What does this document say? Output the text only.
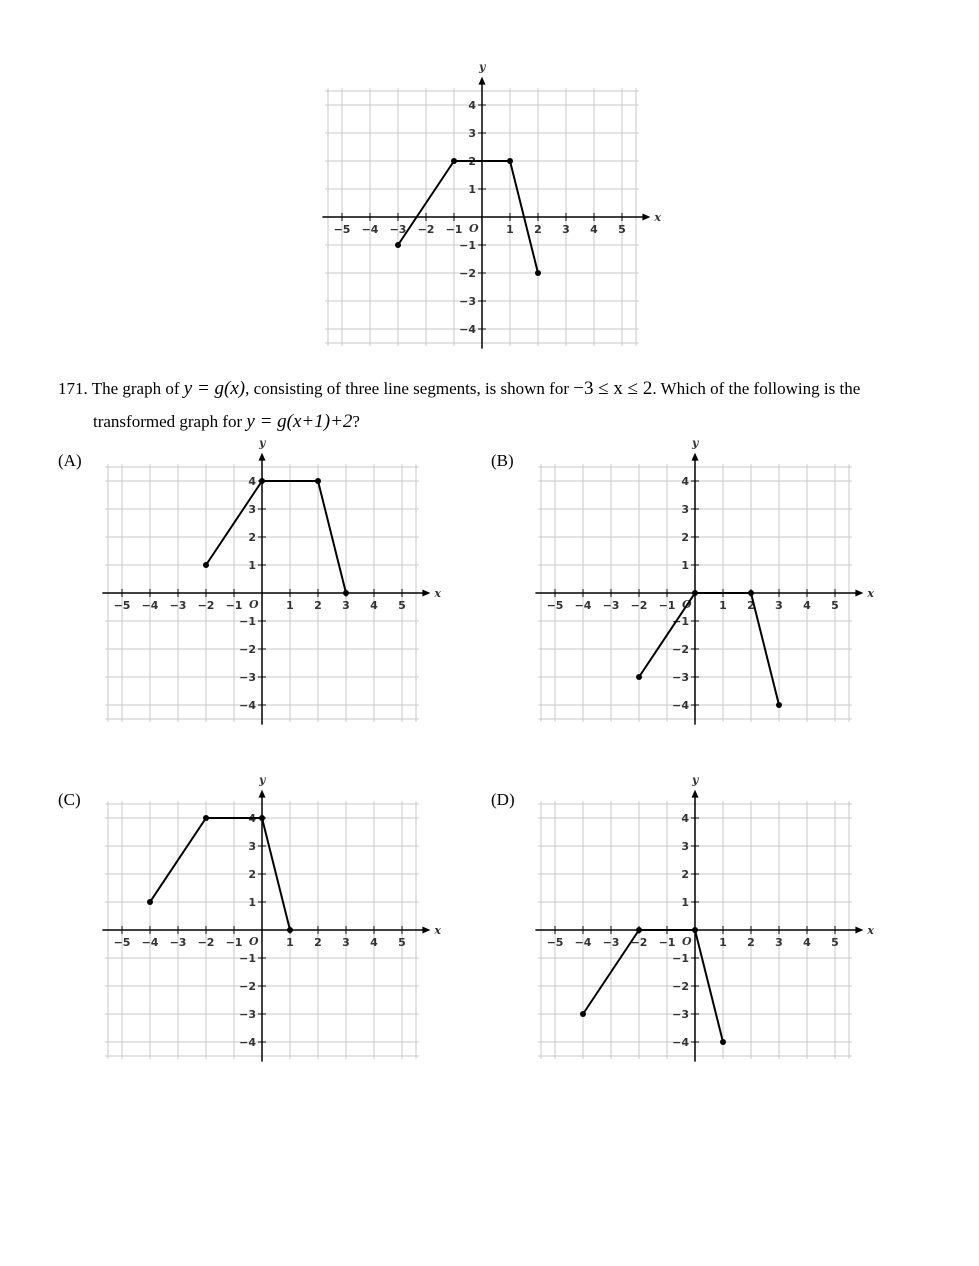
x
y
O
−5 −4 −3 −2 −1	1 2 3 4 5
4
3
2
1
−1
−2
−3
−4
171. The graph of y = g(x), consisting of three line segments, is shown for −3 ≤ x ≤ 2. Which of the following is the
transformed graph for y = g(x+1)+2?
(A)	(B)
(C)	(D)
x
y
O
−5 −4 −3 −2 −1	1 2 3 4 5
4
3
2
1
−1
−2
−3
−4
x
y
O
−5 −4 −3 −2 −1	1 2 3 4 5
4
3
2
1
−1
−2
−3
−4
x
y
O
−5 −4 −3 −2 −1	1 2 3 4 5
4
3
2
1
−1
−2
−3
−4
x
y
O
−5 −4 −3 −2 −1	1 2 3 4 5
4
3
2
1
−1
−2
−3
−4
